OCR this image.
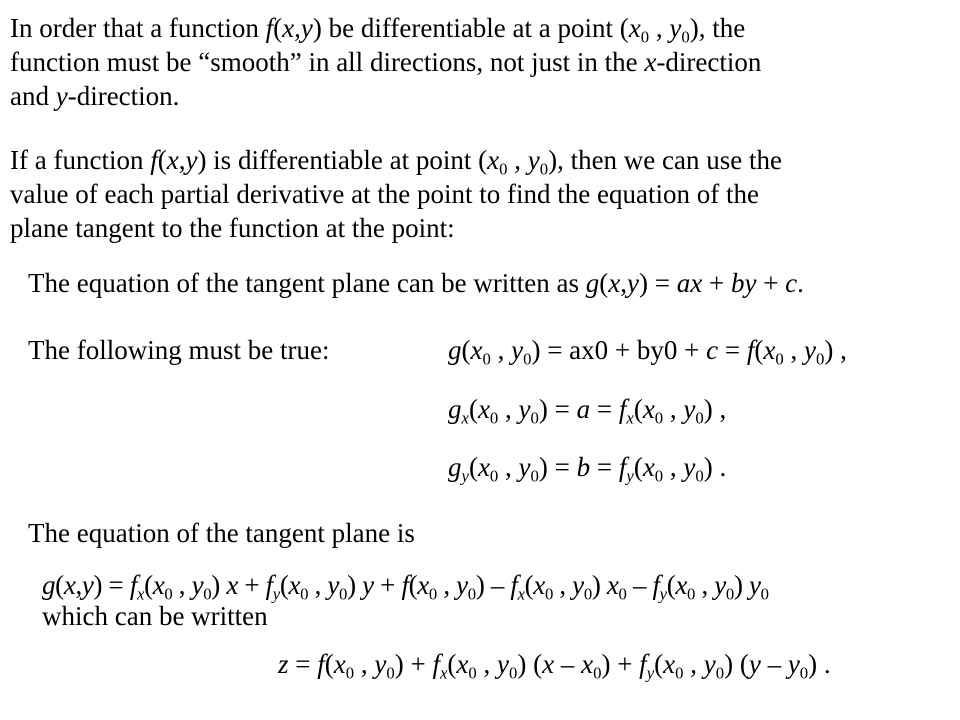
In order that a function f(x,y) be differentiable at a point ($x_0$ , $y_0$), the
function must be “smooth” in all directions, not just in the x-direction
and y-direction.
If a function f(x,y) is differentiable at point ($x_0$ , $y_0$), then we can use the
value of each partial derivative at the point to find the equation of the
plane tangent to the function at the point:
The equation of the tangent plane can be written as g(x,y) = ax + by + c.
The following must be true:	$g(x_0$ , $y_0) = ax0 + by0 + c = f(x_0$ , $y_0$) ,
$g_x(x_0$ , $y_0) = a = f_x(x_0$ , $y_0$) ,
$g_y(x_0$ , $y_0) = b = f_y(x_0$ , $y_0$) .
The equation of the tangent plane is
$g(x,y) = f_x(x_0$ , $y_0$) $x + f_y(x_0$ , $y_0$) $y + f(x_0$ , $y_0) - f_x(x_0$ , $y_0$) $x_0 - f_y(x_0$ , $y_0$) $y_0$
which can be written
$z = f(x_0$ , $y_0) + f_x(x_0$ , $y_0$) $(x - x_0) + f_y(x_0$ , $y_0$) $(y - y_0)$ .
